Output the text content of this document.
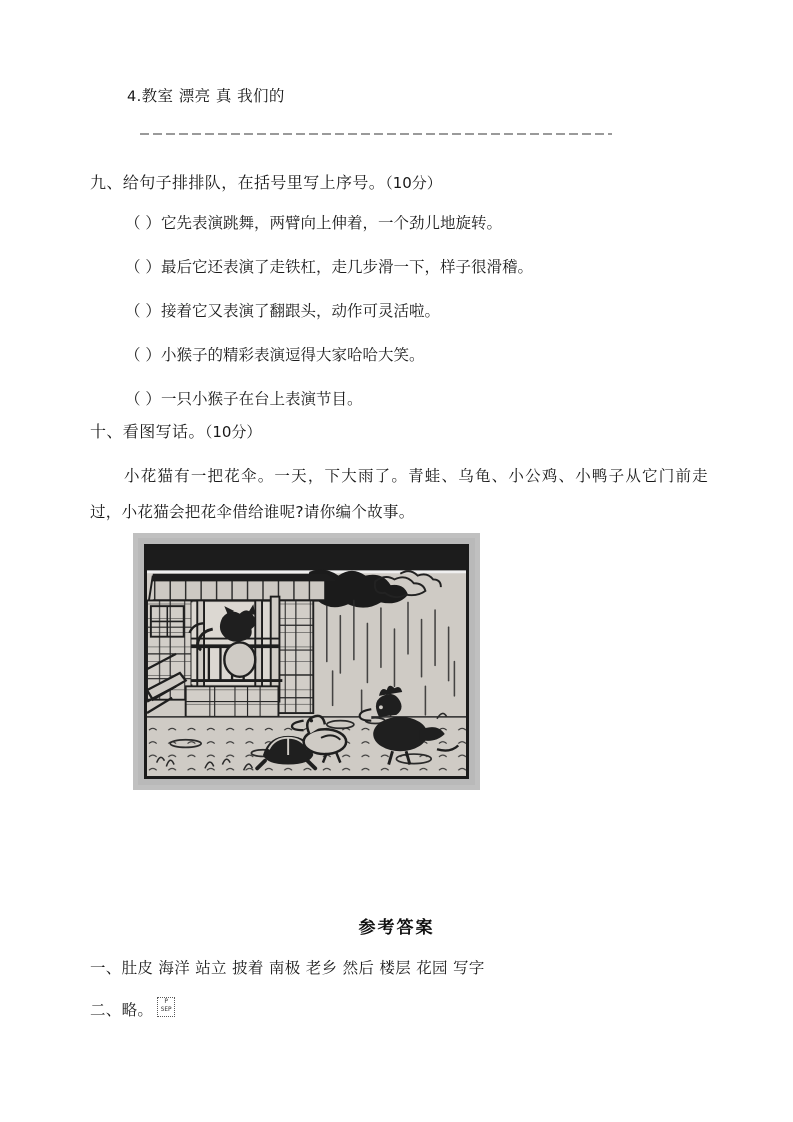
4.教室 漂亮 真 我们的
九、给句子排排队，在括号里写上序号。（10分）
（ ）它先表演跳舞，两臂向上伸着，一个劲儿地旋转。
（ ）最后它还表演了走铁杠，走几步滑一下，样子很滑稽。
（ ）接着它又表演了翻跟头，动作可灵活啦。
（ ）小猴子的精彩表演逗得大家哈哈大笑。
（ ）一只小猴子在台上表演节目。
十、看图写话。（10分）
小花猫有一把花伞。一天，下大雨了。青蛙、乌龟、小公鸡、小鸭子从它门前走过，小花猫会把花伞借给谁呢?请你编个故事。
参考答案
一、肚皮 海洋 站立 披着 南极 老乡 然后 楼层 花园 写字
二、略。	P
SEP
